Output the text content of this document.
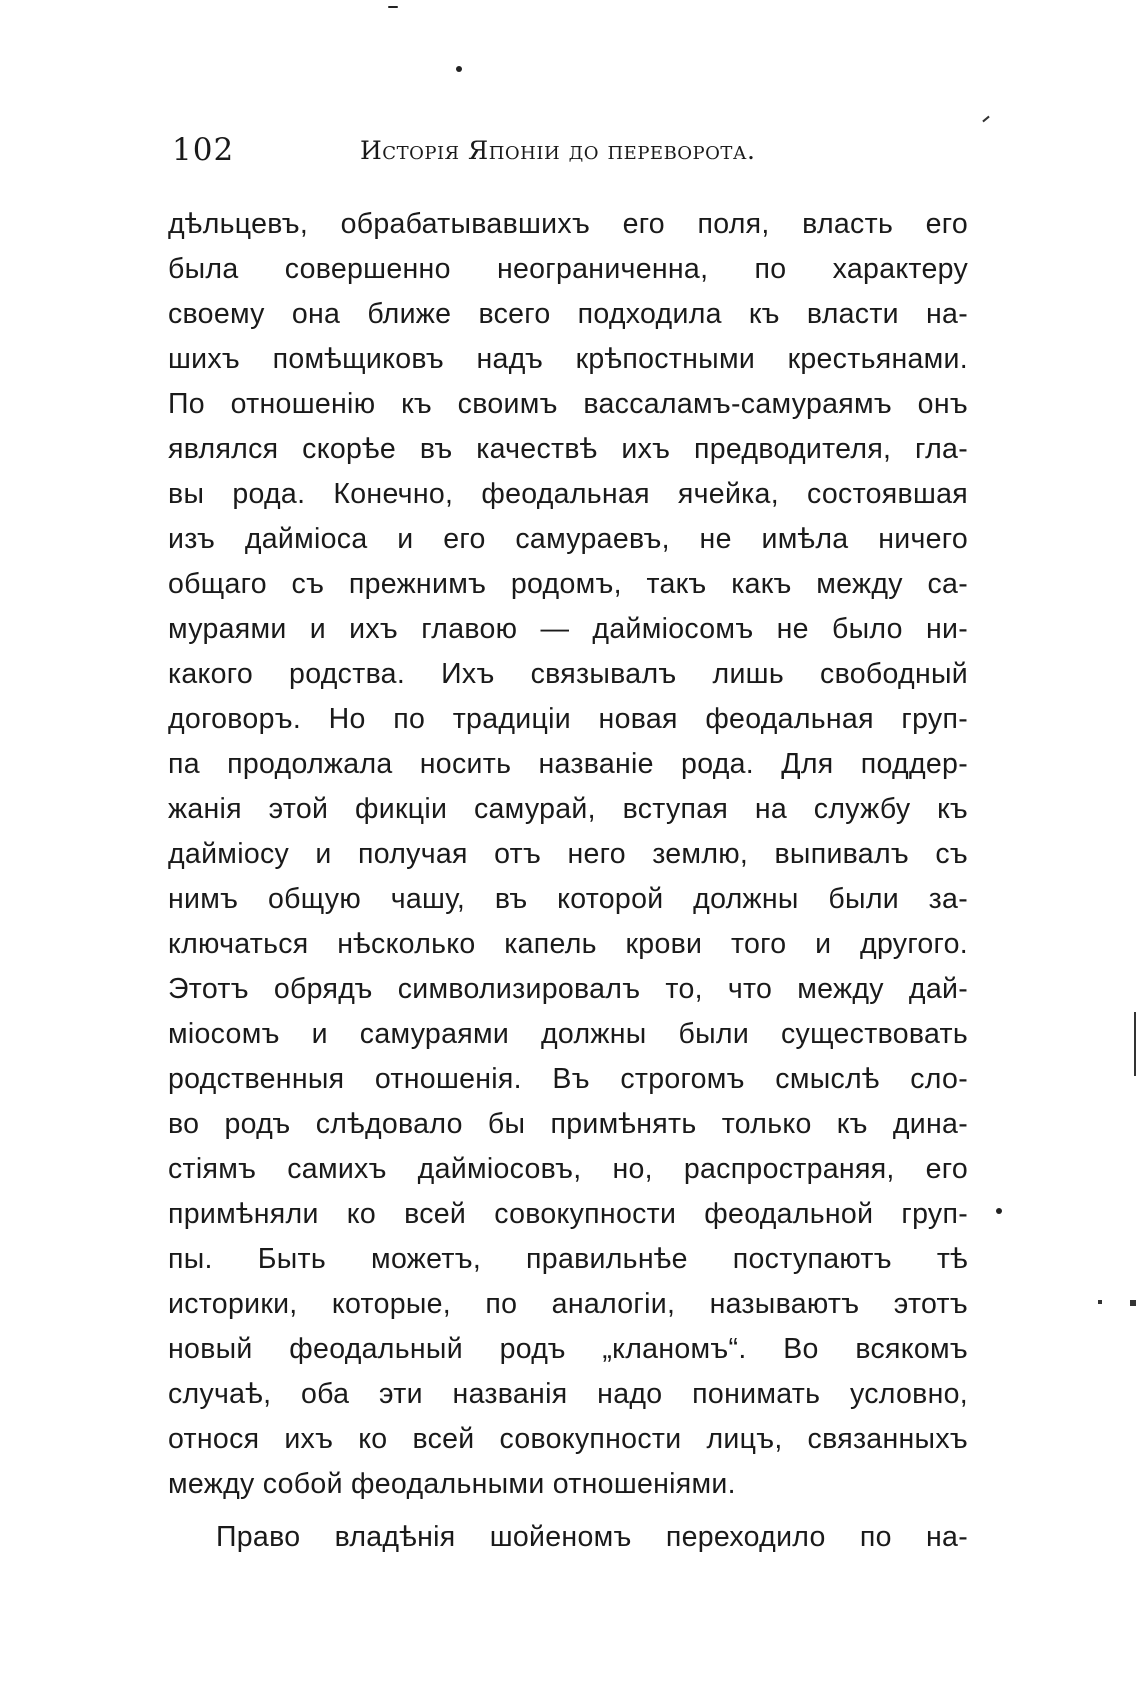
102	Исторія Японіи до переворота.
дѣльцевъ, обрабатывавшихъ его поля, власть его
была совершенно неограниченна, по характеру
своему она ближе всего подходила къ власти на-
шихъ помѣщиковъ надъ крѣпостными крестьянами.
По отношенію къ своимъ вассаламъ-самураямъ онъ
являлся скорѣе въ качествѣ ихъ предводителя, гла-
вы рода. Конечно, феодальная ячейка, состоявшая
изъ дайміоса и его самураевъ, не имѣла ничего
общаго съ прежнимъ родомъ, такъ какъ между са-
мураями и ихъ главою — дайміосомъ не было ни-
какого родства. Ихъ связывалъ лишь свободный
договоръ. Но по традиціи новая феодальная груп-
па продолжала носить названіе рода. Для поддер-
жанія этой фикціи самурай, вступая на службу къ
дайміосу и получая отъ него землю, выпивалъ съ
нимъ общую чашу, въ которой должны были за-
ключаться нѣсколько капель крови того и другого.
Этотъ обрядъ символизировалъ то, что между дай-
міосомъ и самураями должны были существовать
родственныя отношенія. Въ строгомъ смыслѣ сло-
во родъ слѣдовало бы примѣнять только къ дина-
стіямъ самихъ дайміосовъ, но, распространяя, его
примѣняли ко всей совокупности феодальной груп-
пы. Быть можетъ, правильнѣе поступаютъ тѣ
историки, которые, по аналогіи, называютъ этотъ
новый феодальный родъ „кланомъ“. Во всякомъ
случаѣ, оба эти названія надо понимать условно,
относя ихъ ко всей совокупности лицъ, связанныхъ
между собой феодальными отношеніями.
Право владѣнія шойеномъ переходило по на-
